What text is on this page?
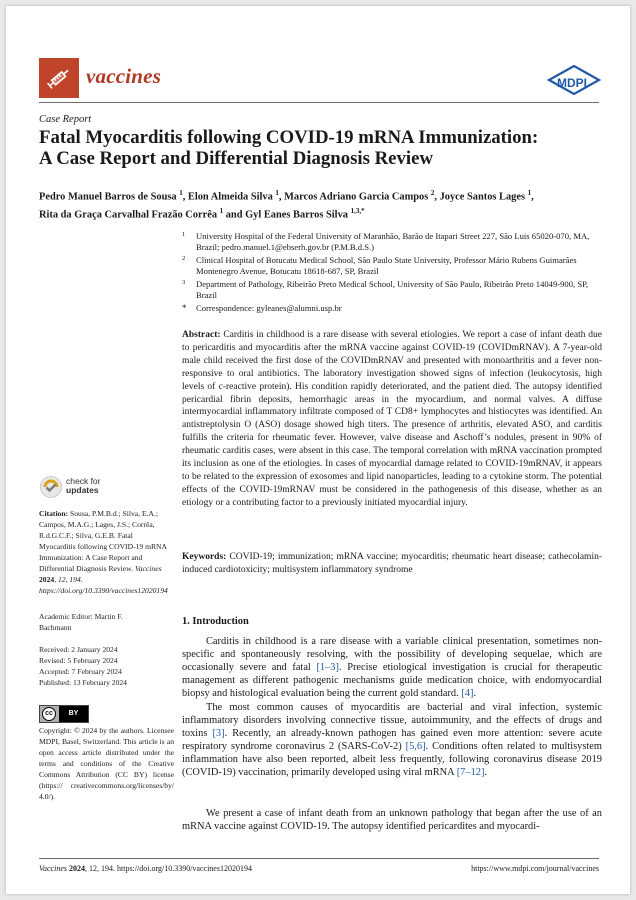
vaccines	MDPI
Case Report
Fatal Myocarditis following COVID-19 mRNA Immunization:
A Case Report and Differential Diagnosis Review
Pedro Manuel Barros de Sousa $^1$, Elon Almeida Silva $^1$, Marcos Adriano Garcia Campos $^2$, Joyce Santos Lages $^1$,
Rita da Graça Carvalhal Frazão Corrêa $^1$ and Gyl Eanes Barros Silva $^{1,3,*}$
1 University Hospital of the Federal University of Maranhão, Barão de Itapari Street 227, São Luis 65020-070, MA, Brazil; pedro.manuel.1@ebserh.gov.br (P.M.B.d.S.)
2 Clinical Hospital of Botucatu Medical School, São Paulo State University, Professor Mário Rubens Guimarães Montenegro Avenue, Botucatu 18618-687, SP, Brazil
3 Department of Pathology, Ribeirão Preto Medical School, University of São Paulo, Ribeirão Preto 14049-900, SP, Brazil
* Correspondence: gyleanes@alumni.usp.br
Abstract: Carditis in childhood is a rare disease with several etiologies. We report a case of infant death due to pericarditis and myocarditis after the mRNA vaccine against COVID-19 (COVIDmRNAV). A 7-year-old male child received the first dose of the COVIDmRNAV and presented with monoarthritis and a fever non-responsive to oral antibiotics. The laboratory investigation showed signs of infection (leukocytosis, high levels of c-reactive protein). His condition rapidly deteriorated, and the patient died. The autopsy identified pericardial fibrin deposits, hemorrhagic areas in the myocardium, and normal valves. A diffuse intermyocardial inflammatory infiltrate composed of T CD8+ lymphocytes and histiocytes was identified. An antistreptolysin O (ASO) dosage showed high titers. The presence of arthritis, elevated ASO, and carditis fulfills the criteria for rheumatic fever. However, valve disease and Aschoff’s nodules, present in 90% of rheumatic carditis cases, were absent in this case. The temporal correlation with mRNA vaccination prompted its inclusion as one of the etiologies. In cases of myocardial damage related to COVID-19mRNAV, it appears to be related to the expression of exosomes and lipid nanoparticles, leading to a cytokine storm. The potential effects of the COVID-19mRNAV must be considered in the pathogenesis of this disease, whether as an etiology or a contributing factor to a previously initiated myocardial injury.
Keywords: COVID-19; immunization; mRNA vaccine; myocarditis; rheumatic heart disease; cathecolamin-induced cardiotoxicity; multisystem inflammatory syndrome
check for
updates
Citation: Sousa, P.M.B.d.; Silva, E.A.; Campos, M.A.G.; Lages, J.S.; Corrêa, R.d.G.C.F.; Silva, G.E.B. Fatal Myocarditis following COVID-19 mRNA Immunization: A Case Report and Differential Diagnosis Review. Vaccines 2024, 12, 194. https://doi.org/10.3390/vaccines12020194
Academic Editor: Martin F.
Bachmann
Received: 2 January 2024
Revised: 5 February 2024
Accepted: 7 February 2024
Published: 13 February 2024
cc	BY
Copyright: © 2024 by the authors. Licensee MDPI, Basel, Switzerland. This article is an open access article distributed under the terms and conditions of the Creative Commons Attribution (CC BY) license (https:// creativecommons.org/licenses/by/ 4.0/).
1. Introduction
Carditis in childhood is a rare disease with a variable clinical presentation, sometimes non-specific and spontaneously resolving, with the possibility of developing sequelae, which are occasionally severe and fatal [1–3]. Precise etiological investigation is crucial for therapeutic management as different pathogenic mechanisms guide medication choice, with endomyocardial biopsy and histological evaluation being the current gold standard. [4].
The most common causes of myocarditis are bacterial and viral infection, systemic inflammatory disorders involving connective tissue, autoimmunity, and the effects of drugs and toxins [3]. Recently, an already-known pathogen has gained even more attention: severe acute respiratory syndrome coronavirus 2 (SARS-CoV-2) [5,6]. Conditions often related to multisystem inflammation have also been reported, albeit less frequently, following coronavirus disease 2019 (COVID-19) vaccination, primarily developed using viral mRNA [7–12].
We present a case of infant death from an unknown pathology that began after the use of an mRNA vaccine against COVID-19. The autopsy identified pericardites and myocardi-
Vaccines 2024, 12, 194. https://doi.org/10.3390/vaccines12020194	https://www.mdpi.com/journal/vaccines
